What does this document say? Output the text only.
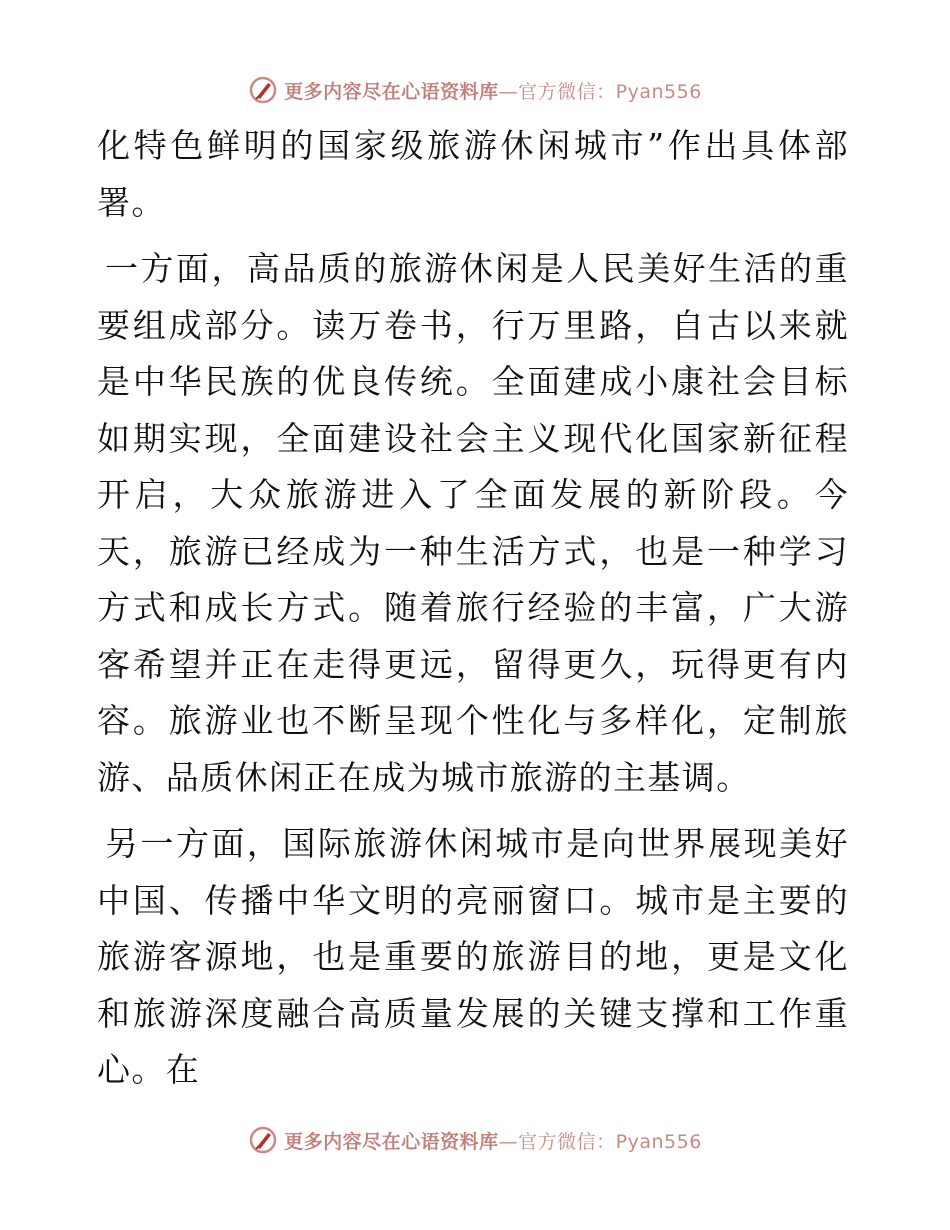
更多内容尽在心语资料库—官方微信：Pyan556

化特色鲜明的国家级旅游休闲城市”作出具体部署。

一方面，高品质的旅游休闲是人民美好生活的重要组成部分。读万卷书，行万里路，自古以来就是中华民族的优良传统。全面建成小康社会目标如期实现，全面建设社会主义现代化国家新征程开启，大众旅游进入了全面发展的新阶段。今天，旅游已经成为一种生活方式，也是一种学习方式和成长方式。随着旅行经验的丰富，广大游客希望并正在走得更远，留得更久，玩得更有内容。旅游业也不断呈现个性化与多样化，定制旅游、品质休闲正在成为城市旅游的主基调。

另一方面，国际旅游休闲城市是向世界展现美好中国、传播中华文明的亮丽窗口。城市是主要的旅游客源地，也是重要的旅游目的地，更是文化和旅游深度融合高质量发展的关键支撑和工作重心。在

更多内容尽在心语资料库—官方微信：Pyan556
